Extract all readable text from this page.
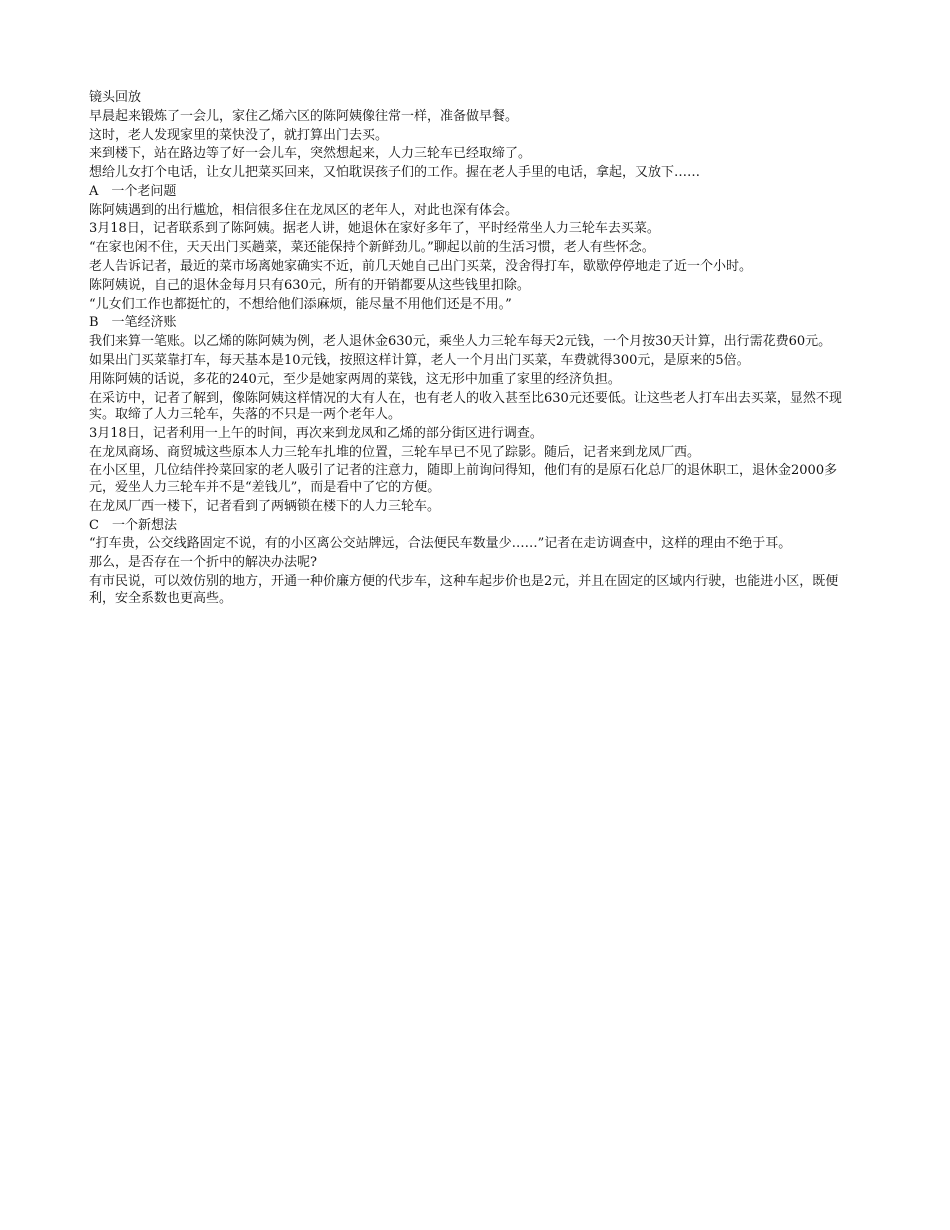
镜头回放

早晨起来锻炼了一会儿，家住乙烯六区的陈阿姨像往常一样，准备做早餐。

这时，老人发现家里的菜快没了，就打算出门去买。

来到楼下，站在路边等了好一会儿车，突然想起来，人力三轮车已经取缔了。

想给儿女打个电话，让女儿把菜买回来，又怕耽误孩子们的工作。握在老人手里的电话，拿起，又放下……

A　一个老问题

陈阿姨遇到的出行尴尬，相信很多住在龙凤区的老年人，对此也深有体会。

3月18日，记者联系到了陈阿姨。据老人讲，她退休在家好多年了，平时经常坐人力三轮车去买菜。

“在家也闲不住，天天出门买趟菜，菜还能保持个新鲜劲儿。”聊起以前的生活习惯，老人有些怀念。

老人告诉记者，最近的菜市场离她家确实不近，前几天她自己出门买菜，没舍得打车，歇歇停停地走了近一个小时。

陈阿姨说，自己的退休金每月只有630元，所有的开销都要从这些钱里扣除。

“儿女们工作也都挺忙的，不想给他们添麻烦，能尽量不用他们还是不用。”

B　一笔经济账

我们来算一笔账。以乙烯的陈阿姨为例，老人退休金630元，乘坐人力三轮车每天2元钱，一个月按30天计算，出行需花费60元。

如果出门买菜靠打车，每天基本是10元钱，按照这样计算，老人一个月出门买菜，车费就得300元，是原来的5倍。

用陈阿姨的话说，多花的240元，至少是她家两周的菜钱，这无形中加重了家里的经济负担。

在采访中，记者了解到，像陈阿姨这样情况的大有人在，也有老人的收入甚至比630元还要低。让这些老人打车出去买菜，显然不现实。取缔了人力三轮车，失落的不只是一两个老年人。

3月18日，记者利用一上午的时间，再次来到龙凤和乙烯的部分街区进行调查。

在龙凤商场、商贸城这些原本人力三轮车扎堆的位置，三轮车早已不见了踪影。随后，记者来到龙凤厂西。

在小区里，几位结伴拎菜回家的老人吸引了记者的注意力，随即上前询问得知，他们有的是原石化总厂的退休职工，退休金2000多元，爱坐人力三轮车并不是“差钱儿”，而是看中了它的方便。

在龙凤厂西一楼下，记者看到了两辆锁在楼下的人力三轮车。

C　一个新想法

“打车贵，公交线路固定不说，有的小区离公交站牌远，合法便民车数量少……”记者在走访调查中，这样的理由不绝于耳。

那么，是否存在一个折中的解决办法呢?

有市民说，可以效仿别的地方，开通一种价廉方便的代步车，这种车起步价也是2元，并且在固定的区域内行驶，也能进小区，既便利，安全系数也更高些。
